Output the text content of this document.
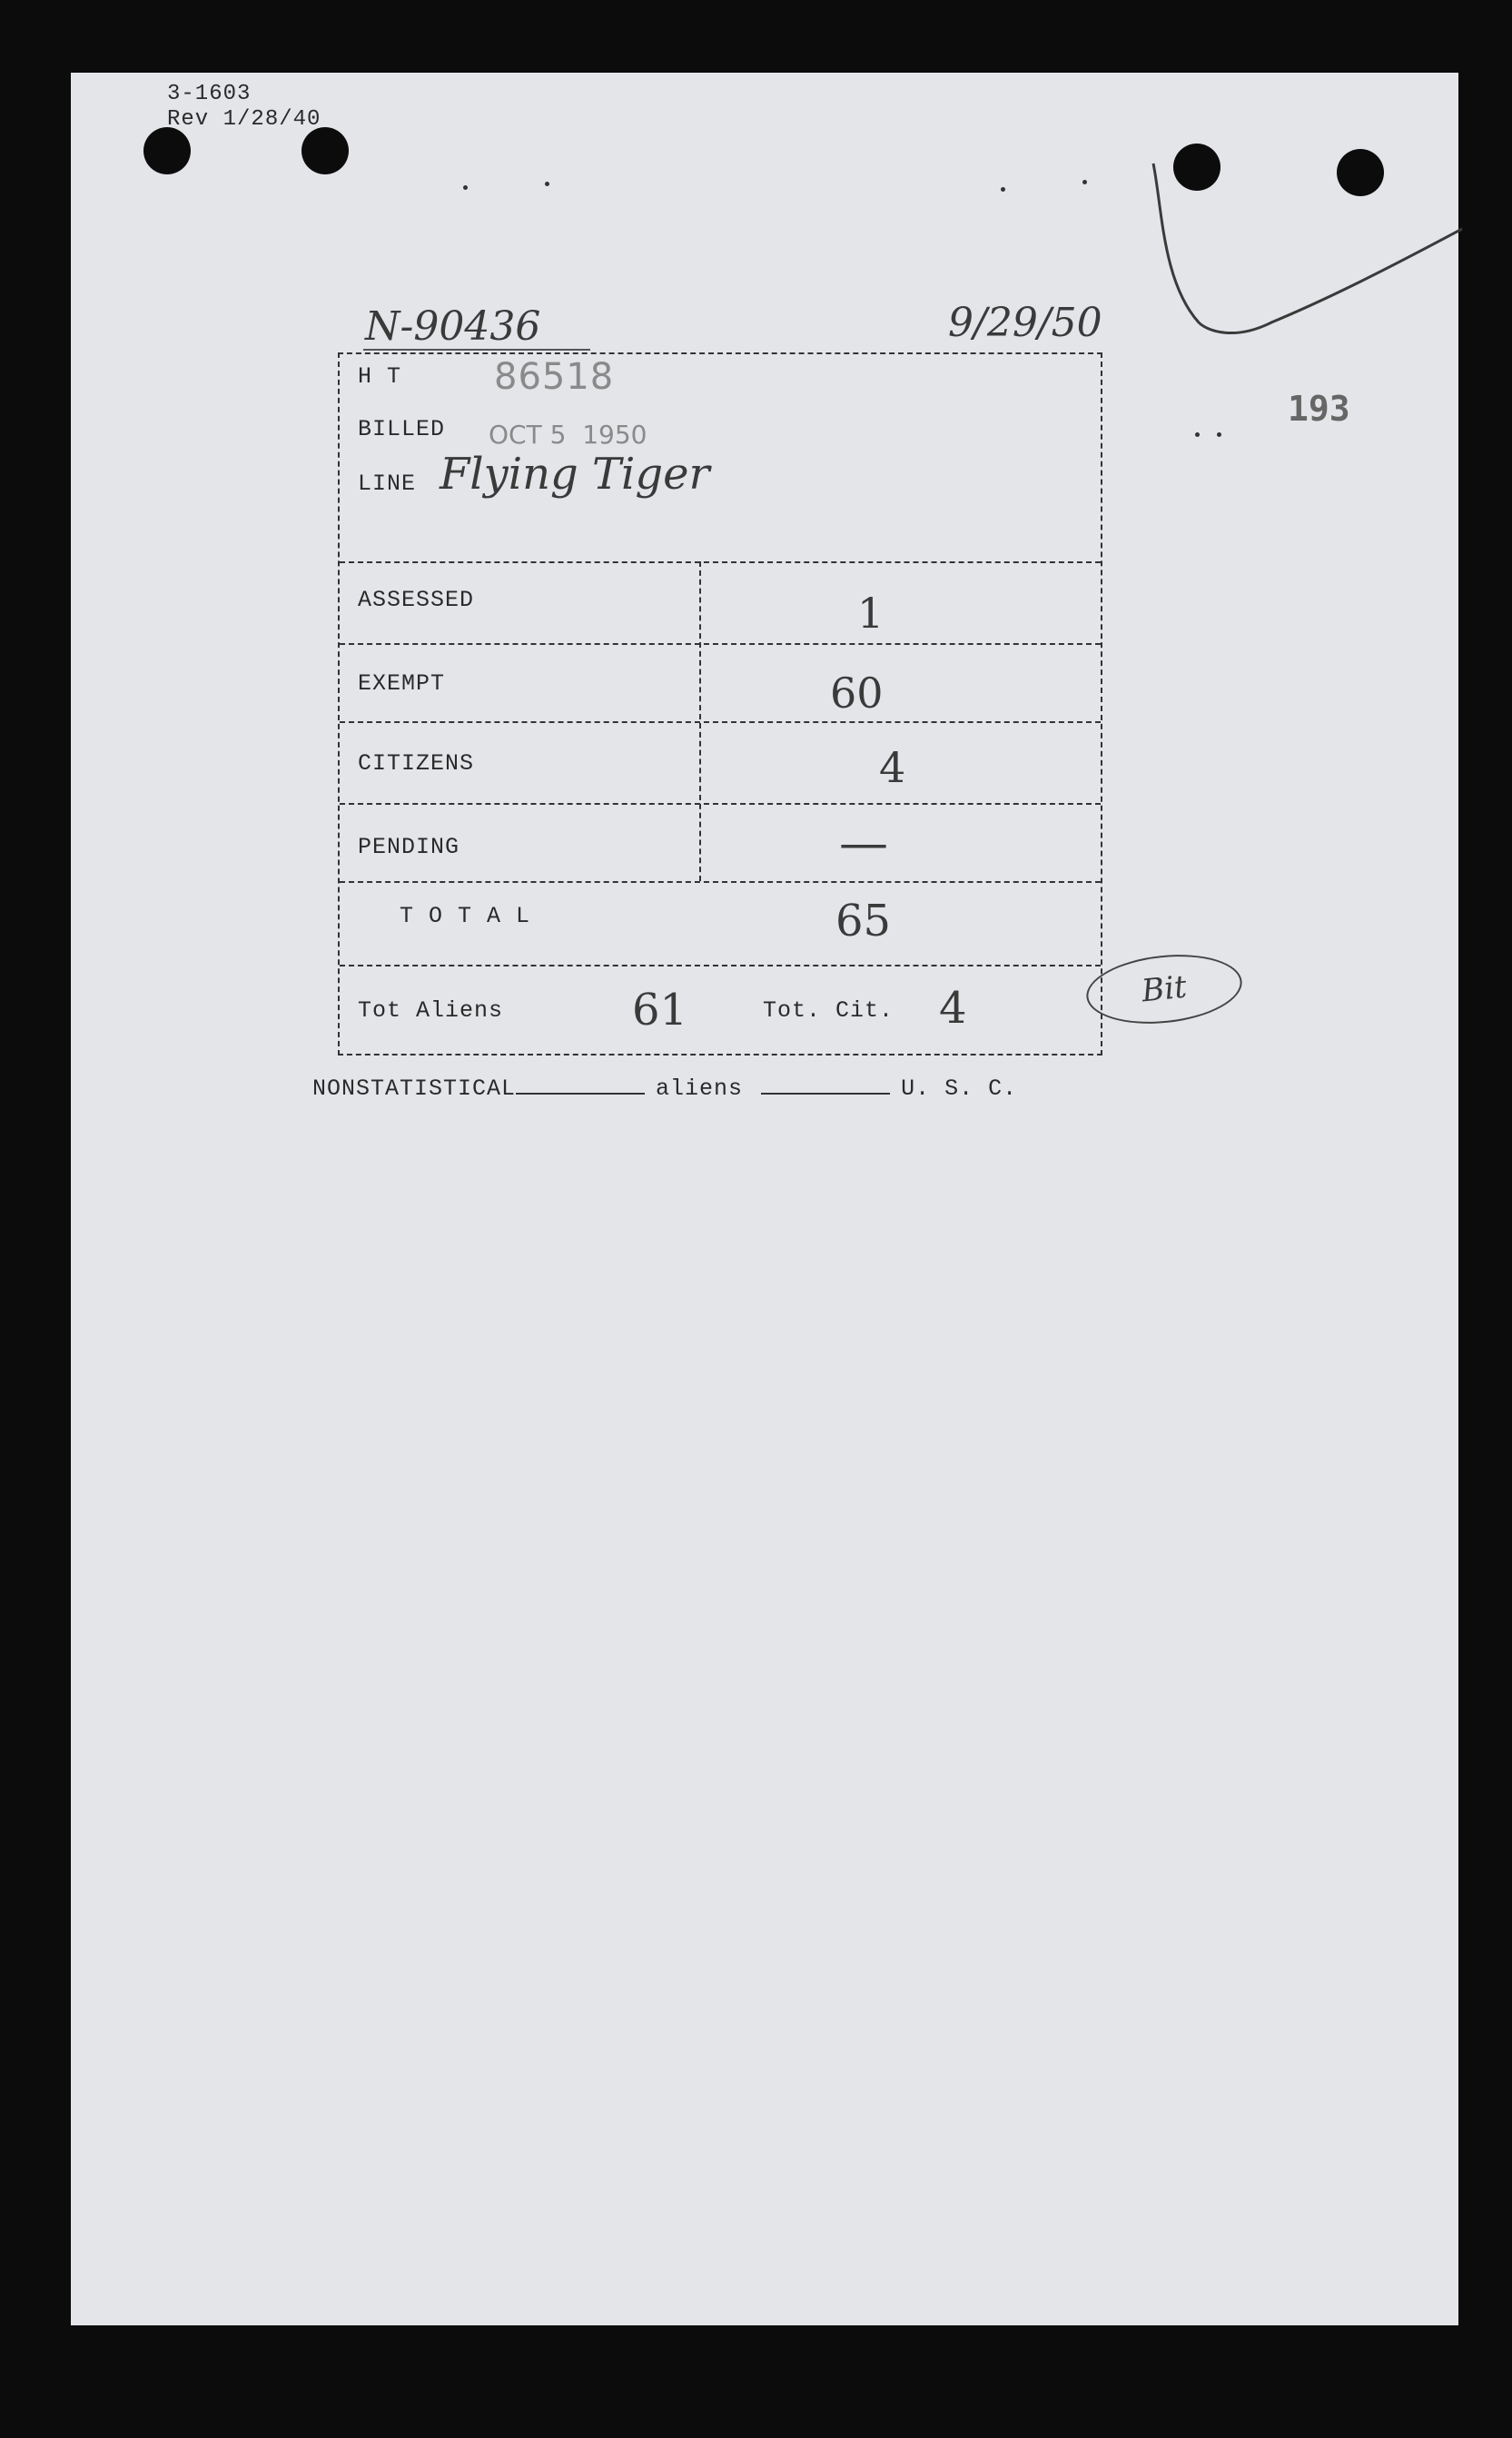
3-1603
Rev 1/28/40
N-90436	9/29/50
193
H T	86518
BILLED OCT 5  1950
LINE Flying Tiger
ASSESSED	1
EXEMPT	60
CITIZENS	4
PENDING	—
T O T A L	65
Tot Aliens	61	Tot. Cit. 4	Bit
NONSTATISTICAL	aliens	U. S. C.
